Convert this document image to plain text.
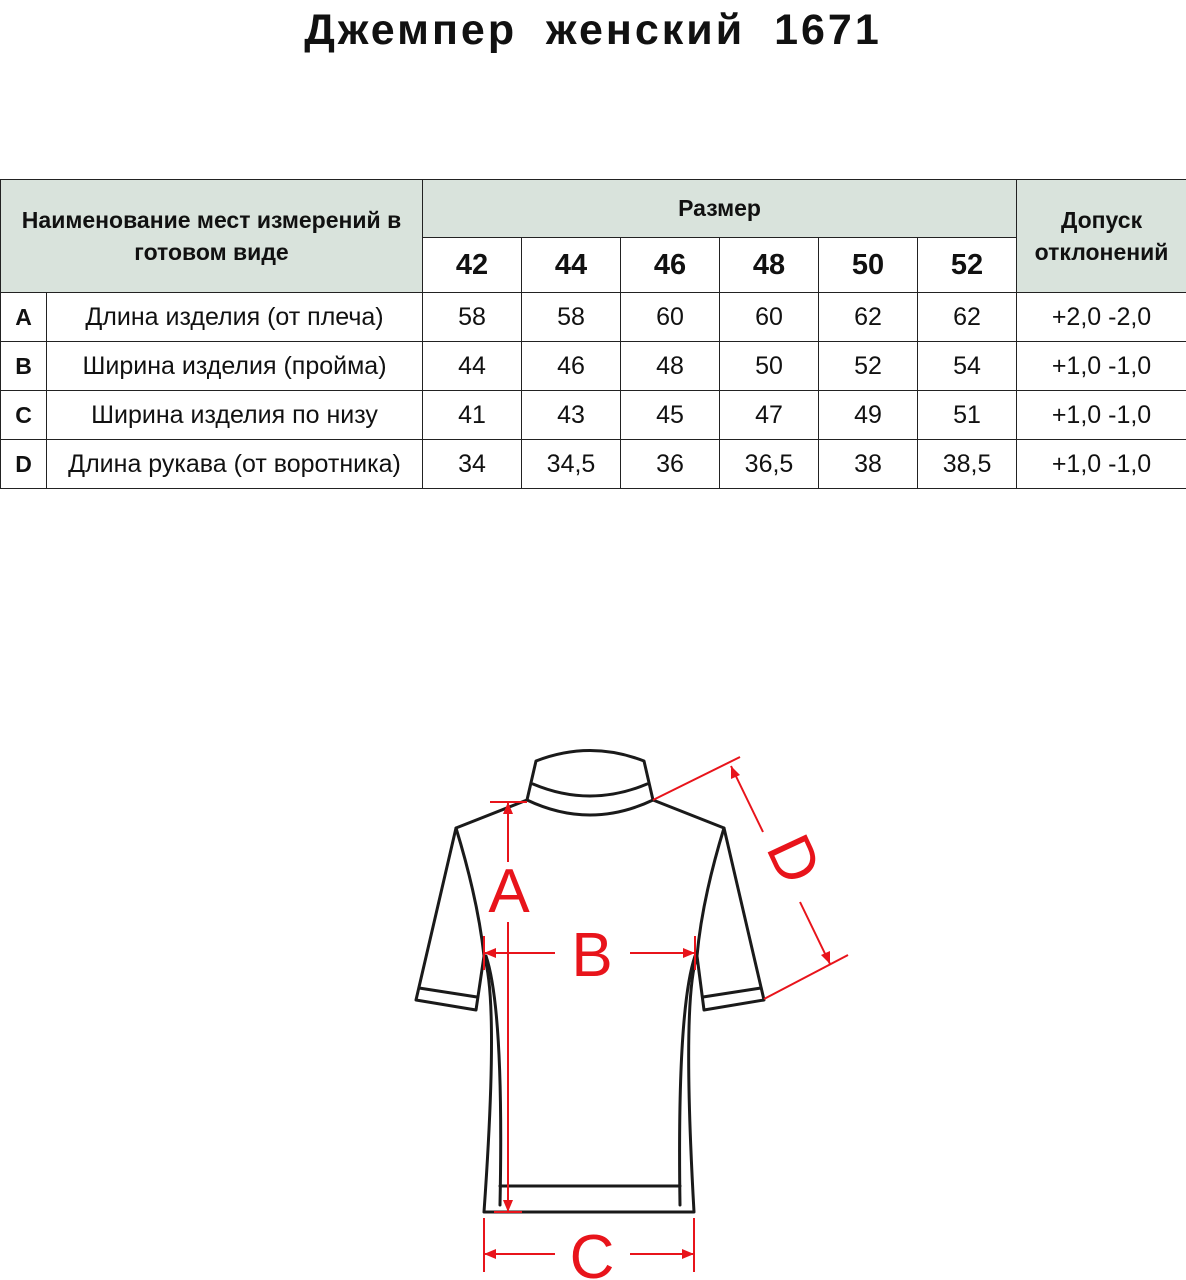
Джемпер женский 1671
Наименование мест измерений в готовом виде		Размер						Допуск отклонений
		42	44	46	48	50	52	
A	Длина изделия (от плеча)	58	58	60	60	62	62	+2,0 -2,0
B	Ширина изделия (пройма)	44	46	48	50	52	54	+1,0 -1,0
C	Ширина изделия по низу	41	43	45	47	49	51	+1,0 -1,0
D	Длина рукава (от воротника)	34	34,5	36	36,5	38	38,5	+1,0 -1,0
A
B
C
D
